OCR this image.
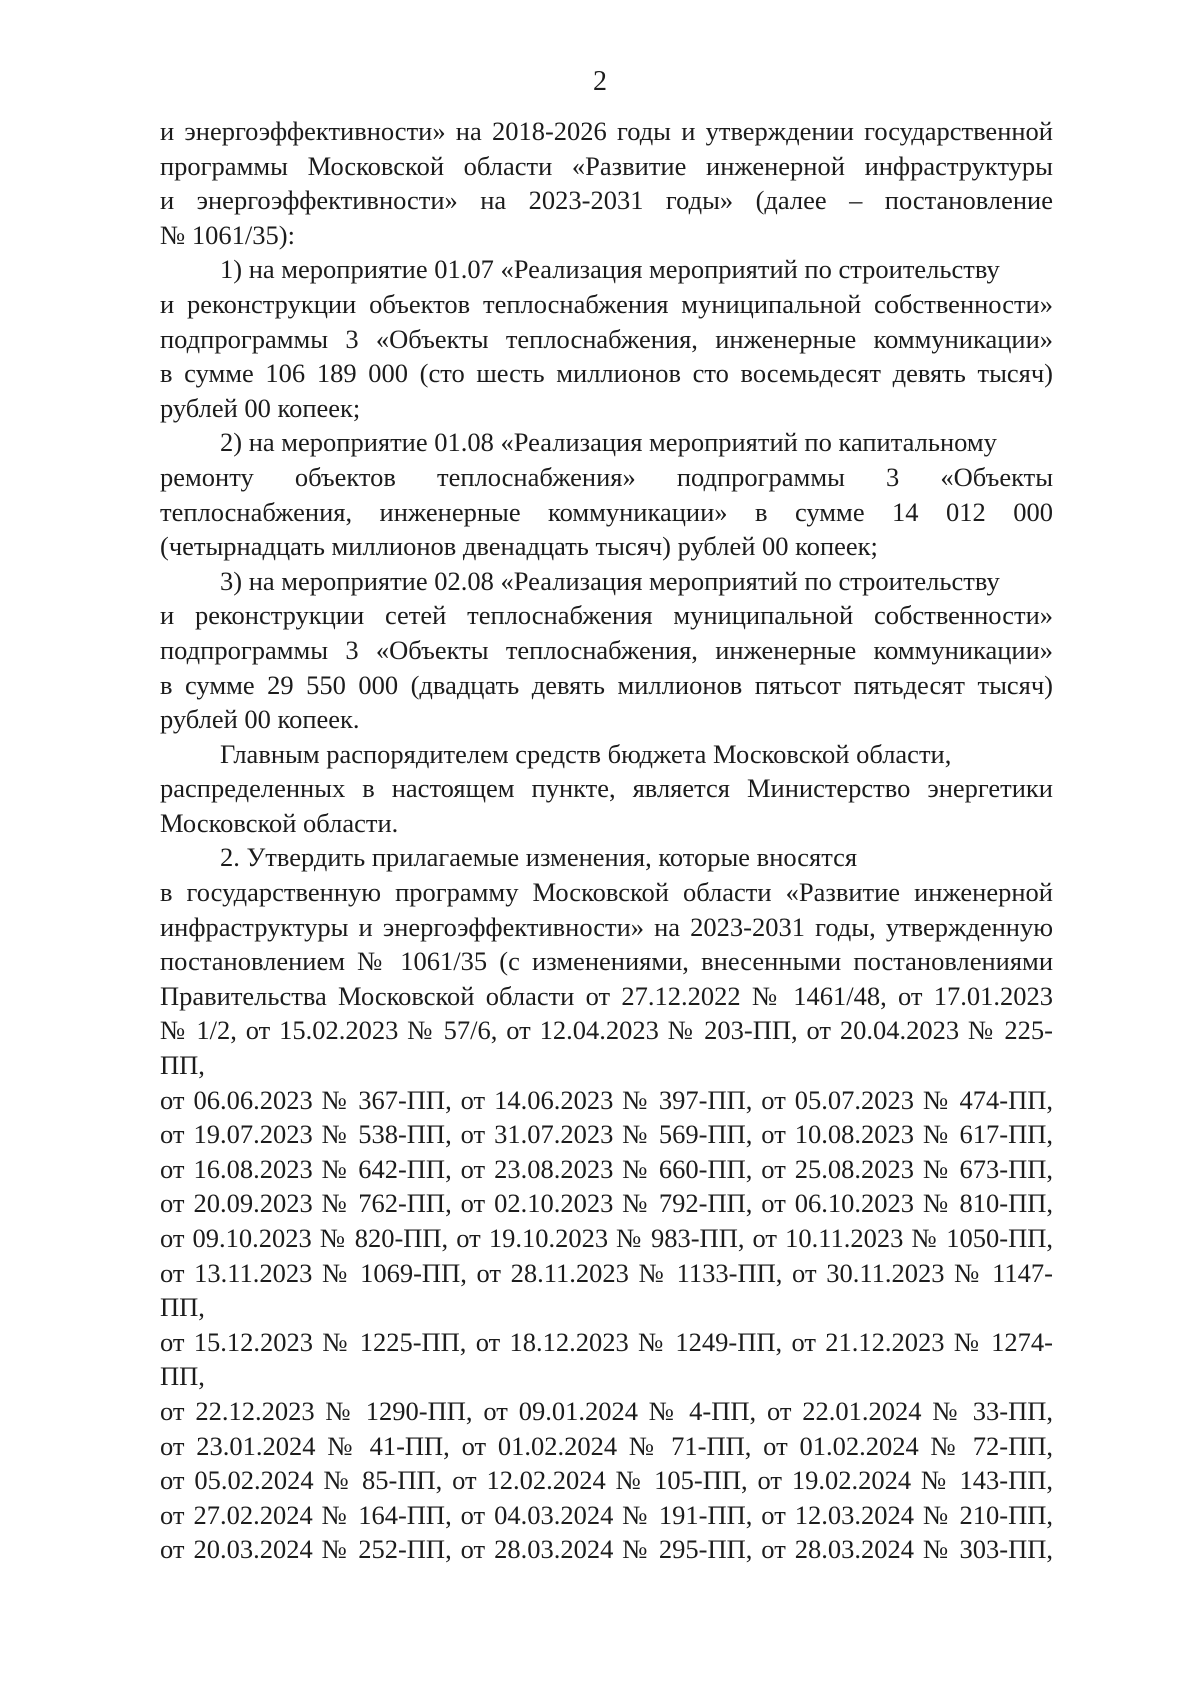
2
и энергоэффективности» на 2018-2026 годы и утверждении государственной
программы Московской области «Развитие инженерной инфраструктуры
и энергоэффективности» на 2023-2031 годы» (далее – постановление
№ 1061/35):
1) на мероприятие 01.07 «Реализация мероприятий по строительству
и реконструкции объектов теплоснабжения муниципальной собственности»
подпрограммы 3 «Объекты теплоснабжения, инженерные коммуникации»
в сумме 106 189 000 (сто шесть миллионов сто восемьдесят девять тысяч)
рублей 00 копеек;
2) на мероприятие 01.08 «Реализация мероприятий по капитальному
ремонту объектов теплоснабжения» подпрограммы 3 «Объекты
теплоснабжения, инженерные коммуникации» в сумме 14 012 000
(четырнадцать миллионов двенадцать тысяч) рублей 00 копеек;
3) на мероприятие 02.08 «Реализация мероприятий по строительству
и реконструкции сетей теплоснабжения муниципальной собственности»
подпрограммы 3 «Объекты теплоснабжения, инженерные коммуникации»
в сумме 29 550 000 (двадцать девять миллионов пятьсот пятьдесят тысяч)
рублей 00 копеек.
Главным распорядителем средств бюджета Московской области,
распределенных в настоящем пункте, является Министерство энергетики
Московской области.
2. Утвердить прилагаемые изменения, которые вносятся
в государственную программу Московской области «Развитие инженерной
инфраструктуры и энергоэффективности» на 2023-2031 годы, утвержденную
постановлением № 1061/35 (с изменениями, внесенными постановлениями
Правительства Московской области от 27.12.2022 № 1461/48, от 17.01.2023
№ 1/2, от 15.02.2023 № 57/6, от 12.04.2023 № 203-ПП, от 20.04.2023 № 225-ПП,
от 06.06.2023 № 367-ПП, от 14.06.2023 № 397-ПП, от 05.07.2023 № 474-ПП,
от 19.07.2023 № 538-ПП, от 31.07.2023 № 569-ПП, от 10.08.2023 № 617-ПП,
от 16.08.2023 № 642-ПП, от 23.08.2023 № 660-ПП, от 25.08.2023 № 673-ПП,
от 20.09.2023 № 762-ПП, от 02.10.2023 № 792-ПП, от 06.10.2023 № 810-ПП,
от 09.10.2023 № 820-ПП, от 19.10.2023 № 983-ПП, от 10.11.2023 № 1050-ПП,
от 13.11.2023 № 1069-ПП, от 28.11.2023 № 1133-ПП, от 30.11.2023 № 1147-ПП,
от 15.12.2023 № 1225-ПП, от 18.12.2023 № 1249-ПП, от 21.12.2023 № 1274-ПП,
от 22.12.2023 № 1290-ПП, от 09.01.2024 № 4-ПП, от 22.01.2024 № 33-ПП,
от 23.01.2024 № 41-ПП, от 01.02.2024 № 71-ПП, от 01.02.2024 № 72-ПП,
от 05.02.2024 № 85-ПП, от 12.02.2024 № 105-ПП, от 19.02.2024 № 143-ПП,
от 27.02.2024 № 164-ПП, от 04.03.2024 № 191-ПП, от 12.03.2024 № 210-ПП,
от 20.03.2024 № 252-ПП, от 28.03.2024 № 295-ПП, от 28.03.2024 № 303-ПП,
